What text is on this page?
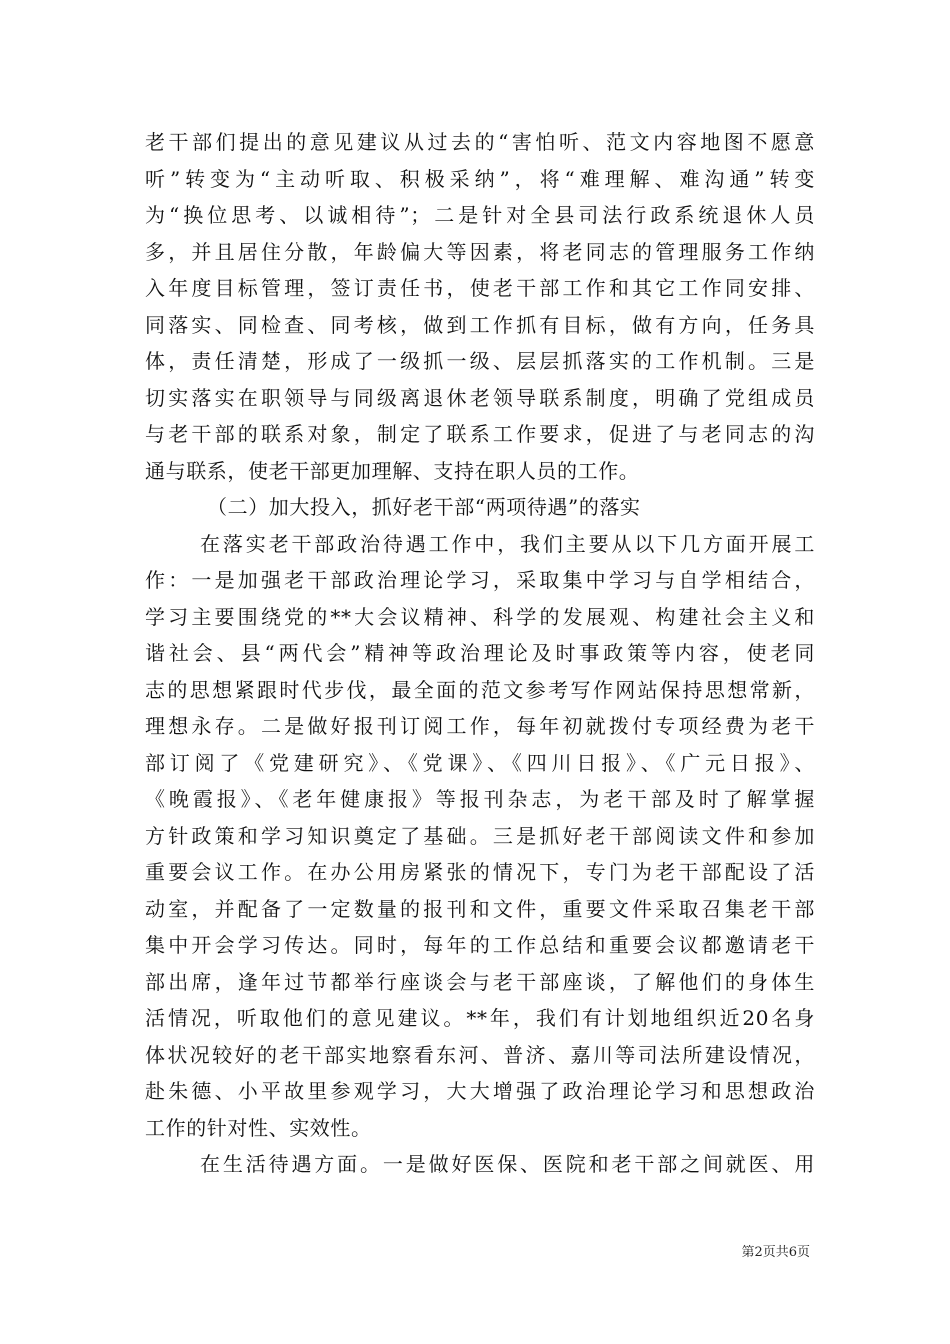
老干部们提出的意见建议从过去的“害怕听、范文内容地图不愿意
听”转变为“主动听取、积极采纳”，将“难理解、难沟通”转变
为“换位思考、以诚相待”；二是针对全县司法行政系统退休人员
多，并且居住分散，年龄偏大等因素，将老同志的管理服务工作纳
入年度目标管理，签订责任书，使老干部工作和其它工作同安排、
同落实、同检查、同考核，做到工作抓有目标，做有方向，任务具
体，责任清楚，形成了一级抓一级、层层抓落实的工作机制。三是
切实落实在职领导与同级离退休老领导联系制度，明确了党组成员
与老干部的联系对象，制定了联系工作要求，促进了与老同志的沟
通与联系，使老干部更加理解、支持在职人员的工作。
（二）加大投入，抓好老干部“两项待遇”的落实
在落实老干部政治待遇工作中，我们主要从以下几方面开展工
作：一是加强老干部政治理论学习，采取集中学习与自学相结合，
学习主要围绕党的**大会议精神、科学的发展观、构建社会主义和
谐社会、县“两代会”精神等政治理论及时事政策等内容，使老同
志的思想紧跟时代步伐，最全面的范文参考写作网站保持思想常新，
理想永存。二是做好报刊订阅工作，每年初就拨付专项经费为老干
部订阅了《党建研究》、《党课》、《四川日报》、《广元日报》、
《晚霞报》、《老年健康报》等报刊杂志，为老干部及时了解掌握
方针政策和学习知识奠定了基础。三是抓好老干部阅读文件和参加
重要会议工作。在办公用房紧张的情况下，专门为老干部配设了活
动室，并配备了一定数量的报刊和文件，重要文件采取召集老干部
集中开会学习传达。同时，每年的工作总结和重要会议都邀请老干
部出席，逢年过节都举行座谈会与老干部座谈，了解他们的身体生
活情况，听取他们的意见建议。**年，我们有计划地组织近20名身
体状况较好的老干部实地察看东河、普济、嘉川等司法所建设情况，
赴朱德、小平故里参观学习，大大增强了政治理论学习和思想政治
工作的针对性、实效性。
在生活待遇方面。一是做好医保、医院和老干部之间就医、用
第2页共6页
